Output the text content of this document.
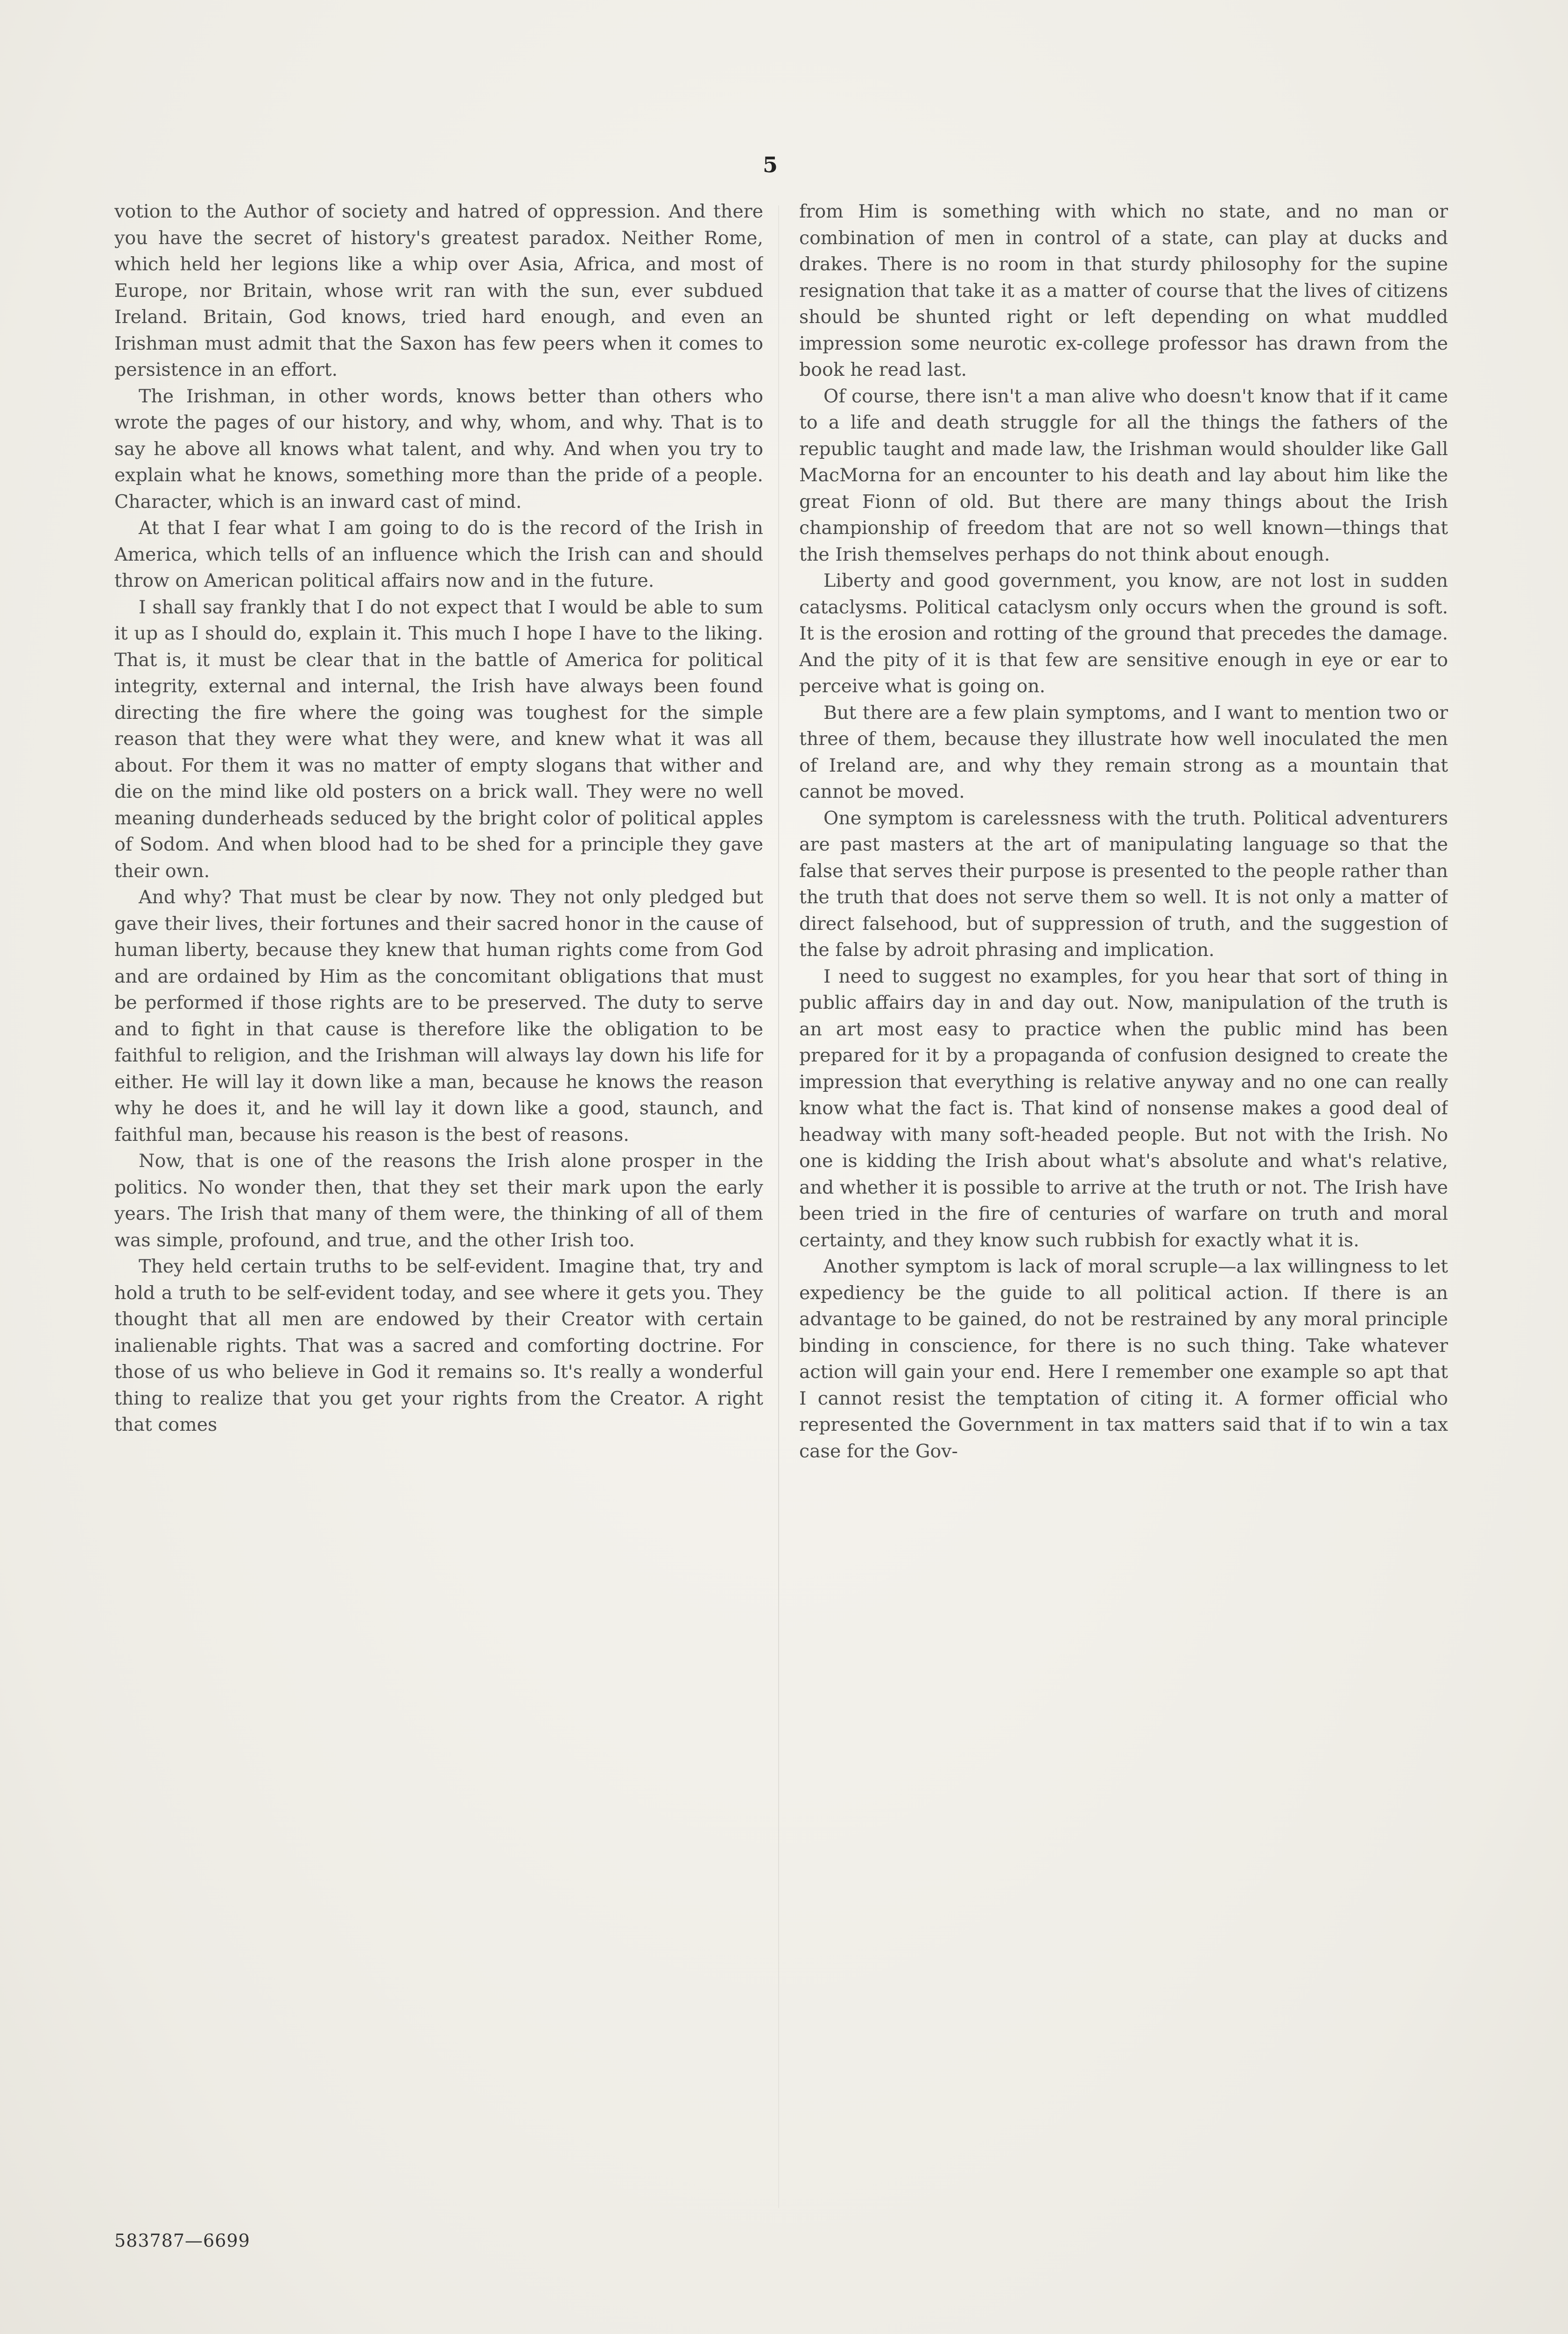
5

votion to the Author of society and hatred of oppression. And there you have the secret of history's greatest paradox. Neither Rome, which held her legions like a whip over Asia, Africa, and most of Europe, nor Britain, whose writ ran with the sun, ever subdued Ireland. Britain, God knows, tried hard enough, and even an Irishman must admit that the Saxon has few peers when it comes to persistence in an effort.

The Irishman, in other words, knows better than others who wrote the pages of our history, and why, whom, and why. That is to say he above all knows what talent, and why. And when you try to explain what he knows, something more than the pride of a people. Character, which is an inward cast of mind.

At that I fear what I am going to do is the record of the Irish in America, which tells of an influence which the Irish can and should throw on American political affairs now and in the future.

I shall say frankly that I do not expect that I would be able to sum it up as I should do, explain it. This much I hope I have to the liking. That is, it must be clear that in the battle of America for political integrity, external and internal, the Irish have always been found directing the fire where the going was toughest for the simple reason that they were what they were, and knew what it was all about. For them it was no matter of empty slogans that wither and die on the mind like old posters on a brick wall. They were no well meaning dunderheads seduced by the bright color of political apples of Sodom. And when blood had to be shed for a principle they gave their own.

And why? That must be clear by now. They not only pledged but gave their lives, their fortunes and their sacred honor in the cause of human liberty, because they knew that human rights come from God and are ordained by Him as the concomitant obligations that must be performed if those rights are to be preserved. The duty to serve and to fight in that cause is therefore like the obligation to be faithful to religion, and the Irishman will always lay down his life for either. He will lay it down like a man, because he knows the reason why he does it, and he will lay it down like a good, staunch, and faithful man, because his reason is the best of reasons.

Now, that is one of the reasons the Irish alone prosper in the politics. No wonder then, that they set their mark upon the early years. The Irish that many of them were, the thinking of all of them was simple, profound, and true, and the other Irish too.

They held certain truths to be self-evident. Imagine that, try and hold a truth to be self-evident today, and see where it gets you. They thought that all men are endowed by their Creator with certain inalienable rights. That was a sacred and comforting doctrine. For those of us who believe in God it remains so. It's really a wonderful thing to realize that you get your rights from the Creator. A right that comes

from Him is something with which no state, and no man or combination of men in control of a state, can play at ducks and drakes. There is no room in that sturdy philosophy for the supine resignation that take it as a matter of course that the lives of citizens should be shunted right or left depending on what muddled impression some neurotic ex-college professor has drawn from the book he read last.

Of course, there isn't a man alive who doesn't know that if it came to a life and death struggle for all the things the fathers of the republic taught and made law, the Irishman would shoulder like Gall MacMorna for an encounter to his death and lay about him like the great Fionn of old. But there are many things about the Irish championship of freedom that are not so well known—things that the Irish themselves perhaps do not think about enough.

Liberty and good government, you know, are not lost in sudden cataclysms. Political cataclysm only occurs when the ground is soft. It is the erosion and rotting of the ground that precedes the damage. And the pity of it is that few are sensitive enough in eye or ear to perceive what is going on.

But there are a few plain symptoms, and I want to mention two or three of them, because they illustrate how well inoculated the men of Ireland are, and why they remain strong as a mountain that cannot be moved.

One symptom is carelessness with the truth. Political adventurers are past masters at the art of manipulating language so that the false that serves their purpose is presented to the people rather than the truth that does not serve them so well. It is not only a matter of direct falsehood, but of suppression of truth, and the suggestion of the false by adroit phrasing and implication.

I need to suggest no examples, for you hear that sort of thing in public affairs day in and day out. Now, manipulation of the truth is an art most easy to practice when the public mind has been prepared for it by a propaganda of confusion designed to create the impression that everything is relative anyway and no one can really know what the fact is. That kind of nonsense makes a good deal of headway with many soft-headed people. But not with the Irish. No one is kidding the Irish about what's absolute and what's relative, and whether it is possible to arrive at the truth or not. The Irish have been tried in the fire of centuries of warfare on truth and moral certainty, and they know such rubbish for exactly what it is.

Another symptom is lack of moral scruple—a lax willingness to let expediency be the guide to all political action. If there is an advantage to be gained, do not be restrained by any moral principle binding in conscience, for there is no such thing. Take whatever action will gain your end. Here I remember one example so apt that I cannot resist the temptation of citing it. A former official who represented the Government in tax matters said that if to win a tax case for the Gov-

583787—6699
